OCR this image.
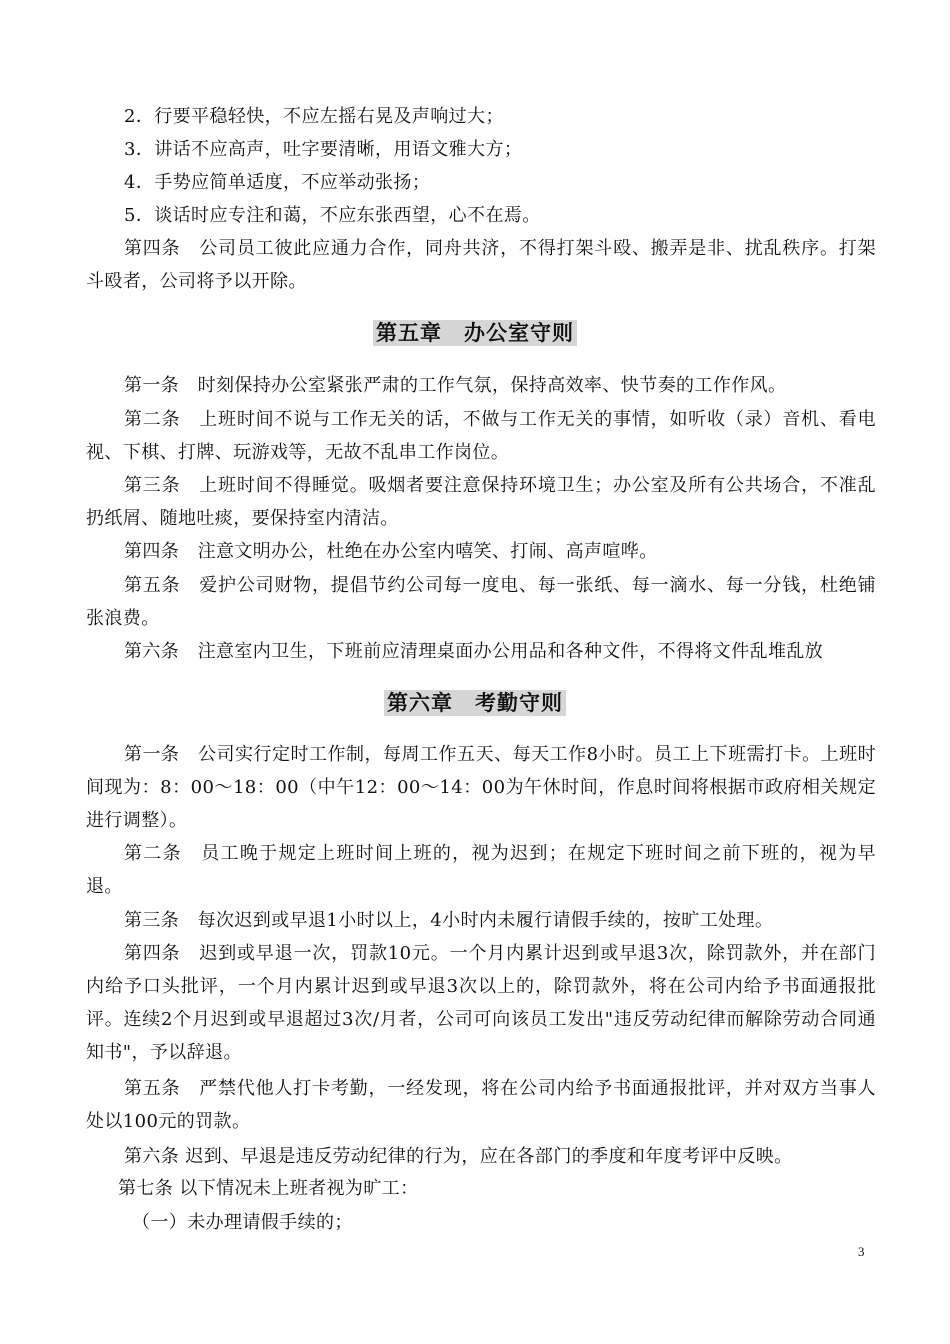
2．行要平稳轻快，不应左摇右晃及声响过大；

3．讲话不应高声，吐字要清晰，用语文雅大方；

4．手势应简单适度，不应举动张扬；

5．谈话时应专注和蔼，不应东张西望，心不在焉。

第四条　公司员工彼此应通力合作，同舟共济，不得打架斗殴、搬弄是非、扰乱秩序。打架斗殴者，公司将予以开除。

第五章　办公室守则

第一条　时刻保持办公室紧张严肃的工作气氛，保持高效率、快节奏的工作作风。

第二条　上班时间不说与工作无关的话，不做与工作无关的事情，如听收（录）音机、看电视、下棋、打牌、玩游戏等，无故不乱串工作岗位。

第三条　上班时间不得睡觉。吸烟者要注意保持环境卫生；办公室及所有公共场合，不准乱扔纸屑、随地吐痰，要保持室内清洁。

第四条　注意文明办公，杜绝在办公室内嘻笑、打闹、高声喧哗。

第五条　爱护公司财物，提倡节约公司每一度电、每一张纸、每一滴水、每一分钱，杜绝铺张浪费。

第六条　注意室内卫生，下班前应清理桌面办公用品和各种文件，不得将文件乱堆乱放

第六章　考勤守则

第一条　公司实行定时工作制，每周工作五天、每天工作8小时。员工上下班需打卡。上班时间现为：8：00～18：00（中午12：00～14：00为午休时间，作息时间将根据市政府相关规定进行调整）。

第二条　员工晚于规定上班时间上班的，视为迟到；在规定下班时间之前下班的，视为早退。

第三条　每次迟到或早退1小时以上，4小时内未履行请假手续的，按旷工处理。

第四条　迟到或早退一次，罚款10元。一个月内累计迟到或早退3次，除罚款外，并在部门内给予口头批评，一个月内累计迟到或早退3次以上的，除罚款外，将在公司内给予书面通报批评。连续2个月迟到或早退超过3次/月者，公司可向该员工发出"违反劳动纪律而解除劳动合同通知书"，予以辞退。

第五条　严禁代他人打卡考勤，一经发现，将在公司内给予书面通报批评，并对双方当事人处以100元的罚款。

第六条 迟到、早退是违反劳动纪律的行为，应在各部门的季度和年度考评中反映。

第七条 以下情况未上班者视为旷工：

（一）未办理请假手续的；

3
